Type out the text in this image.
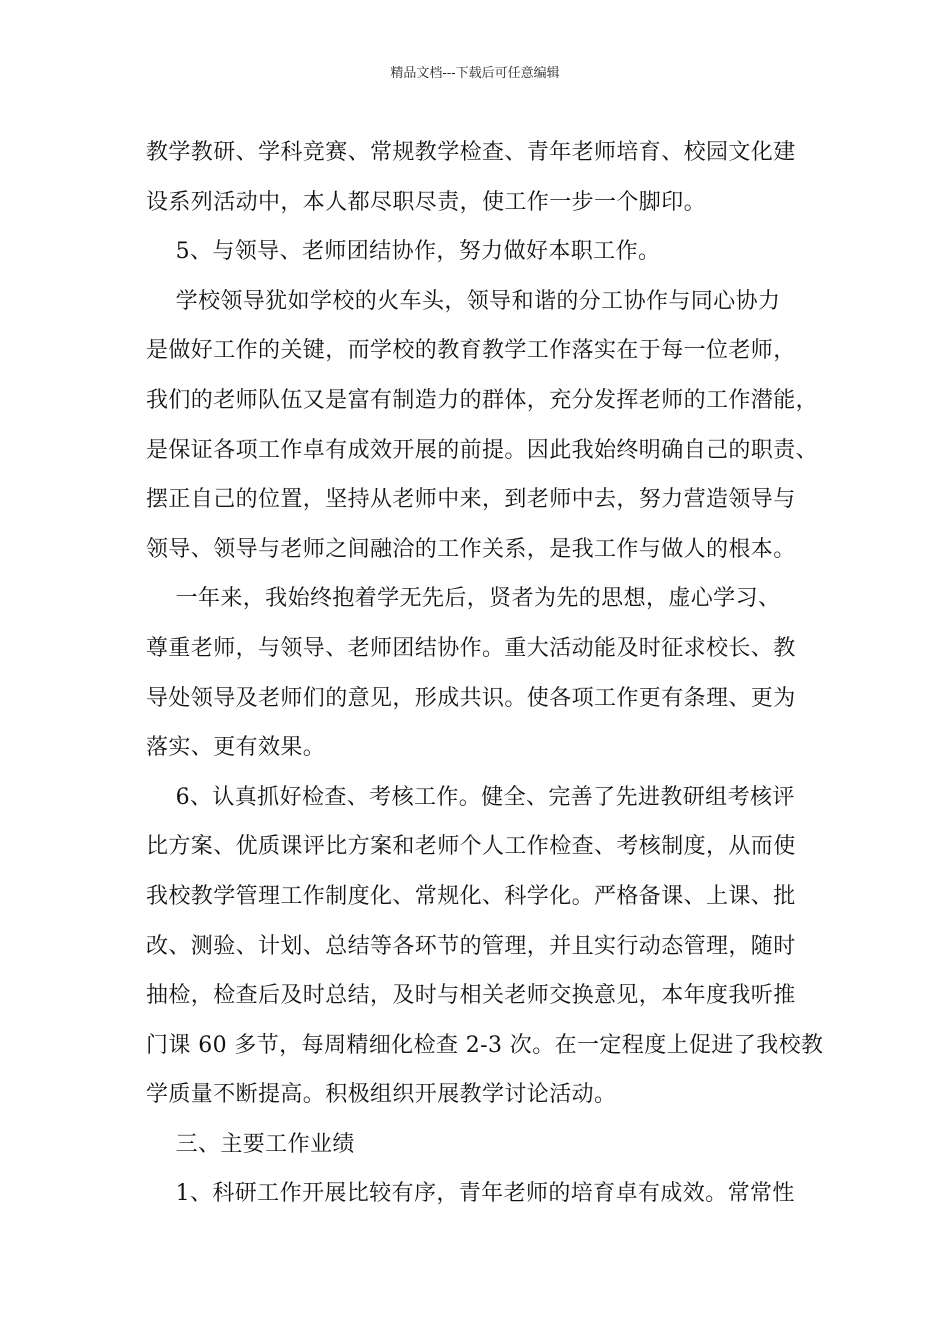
精品文档---下载后可任意编辑

教学教研、学科竞赛、常规教学检查、青年老师培育、校园文化建

设系列活动中，本人都尽职尽责，使工作一步一个脚印。

5、与领导、老师团结协作，努力做好本职工作。

学校领导犹如学校的火车头，领导和谐的分工协作与同心协力

是做好工作的关键，而学校的教育教学工作落实在于每一位老师，

我们的老师队伍又是富有制造力的群体，充分发挥老师的工作潜能，

是保证各项工作卓有成效开展的前提。因此我始终明确自己的职责、

摆正自己的位置，坚持从老师中来，到老师中去，努力营造领导与

领导、领导与老师之间融洽的工作关系，是我工作与做人的根本。

一年来，我始终抱着学无先后，贤者为先的思想，虚心学习、

尊重老师，与领导、老师团结协作。重大活动能及时征求校长、教

导处领导及老师们的意见，形成共识。使各项工作更有条理、更为

落实、更有效果。

6、认真抓好检查、考核工作。健全、完善了先进教研组考核评

比方案、优质课评比方案和老师个人工作检查、考核制度，从而使

我校教学管理工作制度化、常规化、科学化。严格备课、上课、批

改、测验、计划、总结等各环节的管理，并且实行动态管理，随时

抽检，检查后及时总结，及时与相关老师交换意见，本年度我听推

门课 60 多节，每周精细化检查 2-3 次。在一定程度上促进了我校教

学质量不断提高。积极组织开展教学讨论活动。

三、主要工作业绩

1、科研工作开展比较有序，青年老师的培育卓有成效。常常性
